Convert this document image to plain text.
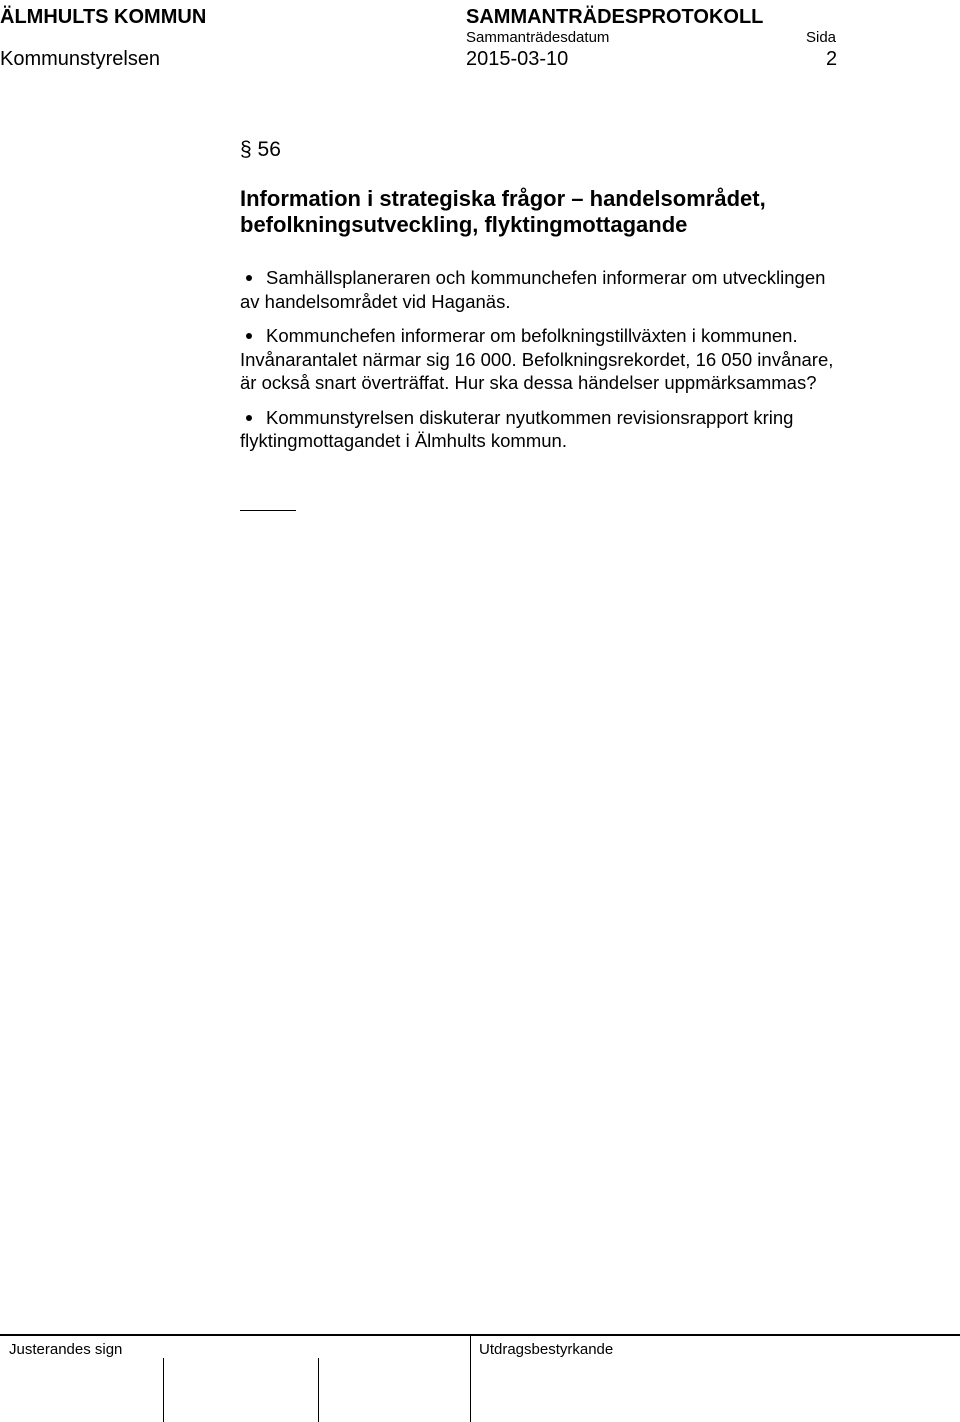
ÄLMHULTS KOMMUN	SAMMANTRÄDESPROTOKOLL
Sammanträdesdatum	Sida
Kommunstyrelsen	2015-03-10	2
§ 56
Information i strategiska frågor – handelsområdet, befolkningsutveckling, flyktingmottagande
Samhällsplaneraren och kommunchefen informerar om utvecklingen av handelsområdet vid Haganäs.
Kommunchefen informerar om befolkningstillväxten i kommunen. Invånarantalet närmar sig 16 000. Befolkningsrekordet, 16 050 invånare, är också snart överträffat. Hur ska dessa händelser uppmärksammas?
Kommunstyrelsen diskuterar nyutkommen revisionsrapport kring flyktingmottagandet i Älmhults kommun.
Justerandes sign	Utdragsbestyrkande
